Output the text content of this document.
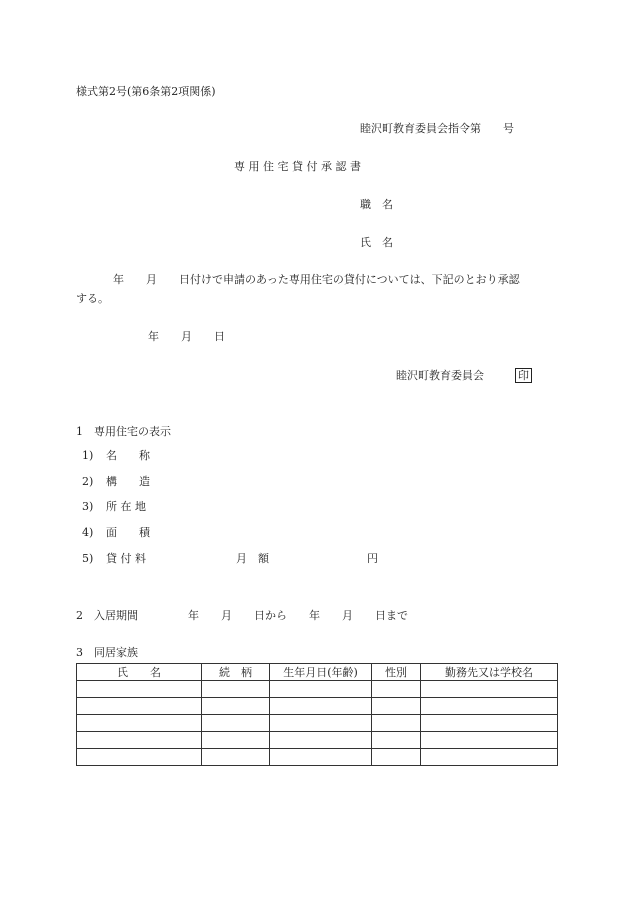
様式第2号(第6条第2項関係)
睦沢町教育委員会指令第　　号
専 用 住 宅 貸 付 承 認 書
職　名
氏　名
年　　月　　日付けで申請のあった専用住宅の貸付については、下記のとおり承認
する。
年　　月　　日
睦沢町教育委員会	印
1　専用住宅の表示
1) 名　　称
2) 構　　造
3) 所 在 地
4) 面　　積
5) 貸 付 料	月　額	円
2　入居期間	年　　月　　日から　　年　　月　　日まで
3　同居家族
氏　　名	続　柄	生年月日(年齢)	性別	勤務先又は学校名
